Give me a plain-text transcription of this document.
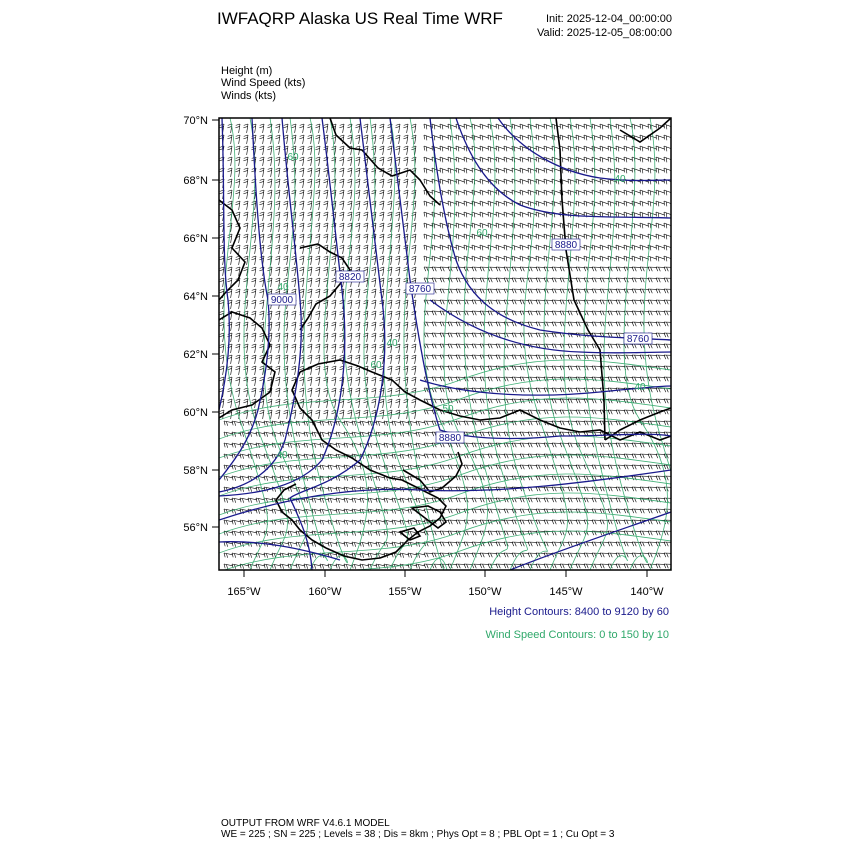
IWFAQRP Alaska US Real Time WRF	Init: 2025-12-04_00:00:00
Valid: 2025-12-05_08:00:00
Height (m)
Wind Speed (kts)
Winds (kts)
70°N
68°N
66°N
64°N
62°N
60°N
58°N
56°N
165°W	160°W	155°W	150°W	145°W	140°W
8880
8820
8760
9000
8880
8760
60
40
60
40
40
60
40
50
40
Height Contours: 8400 to 9120 by 60
Wind Speed Contours: 0 to 150 by 10
OUTPUT FROM WRF V4.6.1 MODEL
WE = 225 ; SN = 225 ; Levels = 38 ; Dis = 8km ; Phys Opt = 8 ; PBL Opt = 1 ; Cu Opt = 3
